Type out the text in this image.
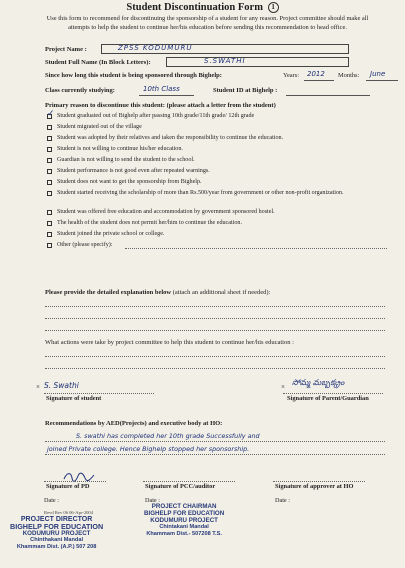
Student Discontinuation Form 1
Use this form to recommend for discontinuing the sponsorship of a student for any reason. Project committee should make all attempts to help the student to continue her/his education before sending this recommendation to head office.
Project Name :	ZPSS KODUMURU
Student Full Name (In Block Letters):	S.SWATHI
Since how long this student is being sponsored through Bighelp:	Years: 2012 Months: June
Class currently studying:	10th Class	Student ID at Bighelp :
Primary reason to discontinue this student: (please attach a letter from the student)
✓ Student graduated out of Bighelp after passing 10th grade/11th grade/ 12th grade
Student migrated out of the village
Student was adopted by their relatives and taken the responsibility to continue the education.
Student is not willing to continue his/her education.
Guardian is not willing to send the student to the school.
Student performance is not good even after repeated warnings.
Student does not want to get the sponsorship from Bighelp.
Student started receiving the scholarship of more than Rs.500/year from government or other non-profit organization.
Student was offered free education and accommodation by government sponsored hostel.
The health of the student does not permit her/him to continue the education.
Student joined the private school or college.
Other (please specify):
Please provide the detailed explanation below (attach an additional sheet if needed):
What actions were take by project committee to help this student to continue her/his education :
× S. Swathi
Signature of student
× సోమ్మ మబ్బక్క్రం
Signature of Parent/Guardian
Recommendations by AED(Projects) and executive body at HO:
S. swathi has completed her 10th grade Successfully and
joined Private college. Hence Bighelp stopped her sponsorship.
Signature of PD	Signature of PCC/auditor	Signature of approver at HO
Date :	Date :	Date :
Revd Rev 06 06-Apr-2004
PROJECT DIRECTOR
BIGHELP FOR EDUCATION
KODUMURU PROJECT
Chinthakani Mandal
Khammam Dist. (A.P.) 507 208
PROJECT CHAIRMAN
BIGHELP FOR EDUCATION
KODUMURU PROJECT
Chintakani Mandal
Khammam Dist.- 507208 T.S.
